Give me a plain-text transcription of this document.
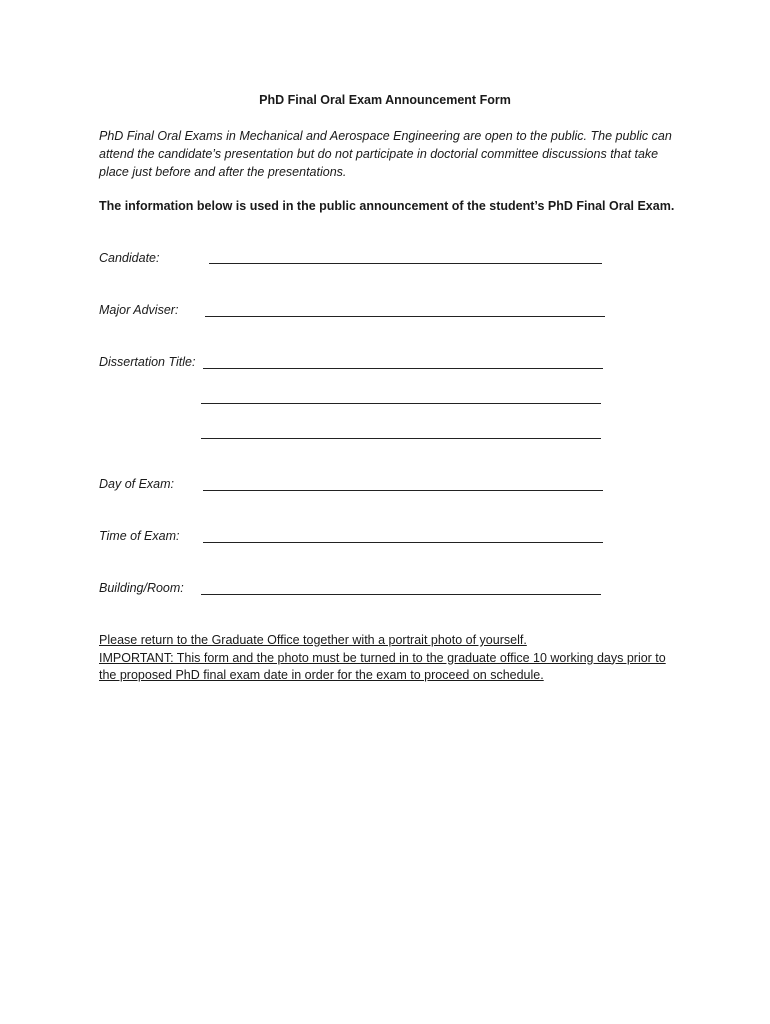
PhD Final Oral Exam Announcement Form

PhD Final Oral Exams in Mechanical and Aerospace Engineering are open to the public. The public can attend the candidate’s presentation but do not participate in doctorial committee discussions that take place just before and after the presentations.

The information below is used in the public announcement of the student’s PhD Final Oral Exam.

Candidate:
Major Adviser:
Dissertation Title:
Day of Exam:
Time of Exam:
Building/Room:

Please return to the Graduate Office together with a portrait photo of yourself.
IMPORTANT: This form and the photo must be turned in to the graduate office 10 working days prior to the proposed PhD final exam date in order for the exam to proceed on schedule.
